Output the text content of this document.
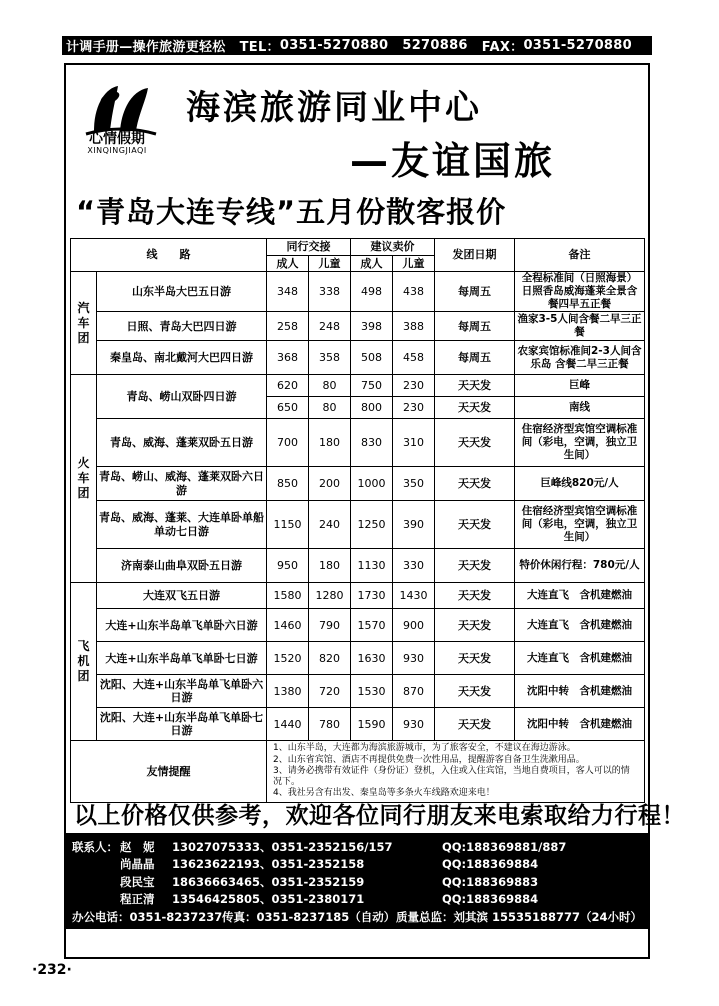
计调手册—操作旅游更轻松 TEL： 0351-5270880 5270886 FAX： 0351-5270880
心情假期
XINQINGJIAQI
海滨旅游同业中心
—友谊国旅
“青岛大连专线”五月份散客报价
线　　路		同行交接		建议卖价		发团日期	备注
		成人	儿童	成人	儿童		
汽车团	山东半岛大巴五日游	348	338	498	438	每周五	全程标准间（日照海景）日照香岛威海蓬莱全景含餐四早五正餐
	日照、青岛大巴四日游	258	248	398	388	每周五	渔家3-5人间含餐二早三正餐
	秦皇岛、南北戴河大巴四日游	368	358	508	458	每周五	农家宾馆标准间2-3人间含乐岛 含餐二早三正餐
火车团	青岛、崂山双卧四日游	620	80	750	230	天天发	巨峰
		650	80	800	230	天天发	南线
	青岛、威海、蓬莱双卧五日游	700	180	830	310	天天发	住宿经济型宾馆空调标准间（彩电，空调，独立卫生间）
	青岛、崂山、威海、蓬莱双卧六日游	850	200	1000	350	天天发	巨峰线820元/人
	青岛、威海、蓬莱、大连单卧单船单动七日游	1150	240	1250	390	天天发	住宿经济型宾馆空调标准间（彩电，空调，独立卫生间）
	济南泰山曲阜双卧五日游	950	180	1130	330	天天发	特价休闲行程：780元/人
飞机团	大连双飞五日游	1580	1280	1730	1430	天天发	大连直飞　含机建燃油
	大连+山东半岛单飞单卧六日游	1460	790	1570	900	天天发	大连直飞　含机建燃油
	大连+山东半岛单飞单卧七日游	1520	820	1630	930	天天发	大连直飞　含机建燃油
	沈阳、大连+山东半岛单飞单卧六日游	1380	720	1530	870	天天发	沈阳中转　含机建燃油
	沈阳、大连+山东半岛单飞单卧七日游	1440	780	1590	930	天天发	沈阳中转　含机建燃油
友情提醒		1、山东半岛，大连都为海滨旅游城市，为了旅客安全，不建议在海边游泳。
2、山东省宾馆、酒店不再提供免费一次性用品，提醒游客自备卫生洗漱用品。
3、请务必携带有效证件（身份证）登机，入住或入住宾馆，当地自费项目，客人可以的情况下。
4、我社另含有出发、秦皇岛等多条火车线路欢迎来电！					
以上价格仅供参考，欢迎各位同行朋友来电索取给力行程！
联系人： 赵　妮	13027075333、0351-2352156/157	QQ:188369881/887
尚晶晶	13623622193、0351-2352158	QQ:188369884
段民宝	18636663465、0351-2352159	QQ:188369883
程正清	13546425805、0351-2380171	QQ:188369884
办公电话：0351-8237237 传真：0351-8237185（自动） 质量总监：刘其滨 15535188777（24小时）
·232·
